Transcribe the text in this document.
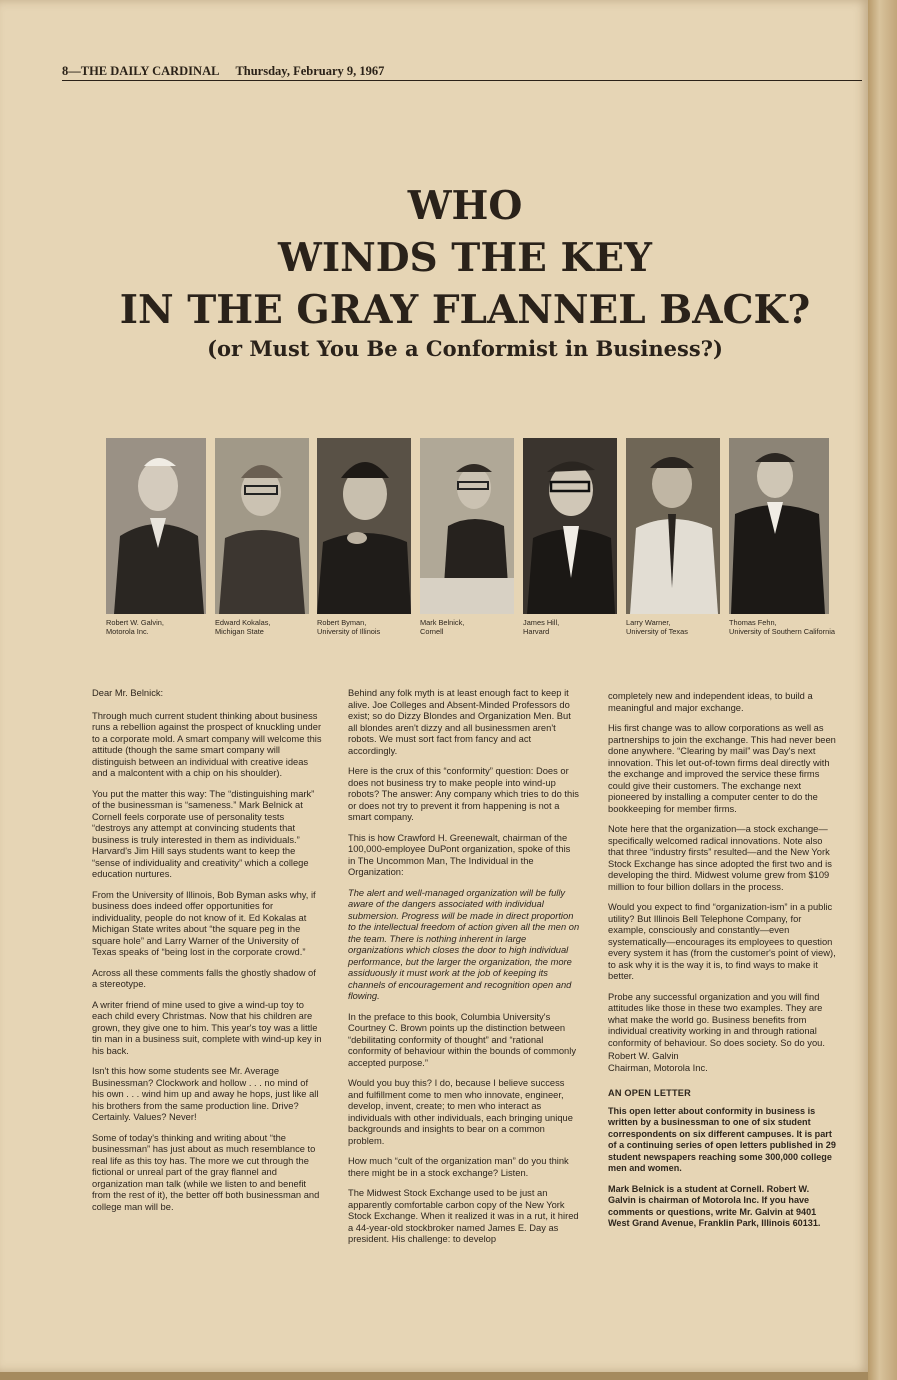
8—THE DAILY CARDINAL Thursday, February 9, 1967
WHO
WINDS THE KEY
IN THE GRAY FLANNEL BACK?
(or Must You Be a Conformist in Business?)
Robert W. Galvin,
Motorola Inc.
Edward Kokalas,
Michigan State
Robert Byman,
University of Illinois
Mark Belnick,
Cornell
James Hill,
Harvard
Larry Warner,
University of Texas
Thomas Fehn,
University of Southern California

Dear Mr. Belnick:

Through much current student thinking about business runs a rebellion against the prospect of knuckling under to a corporate mold. A smart company will welcome this attitude (though the same smart company will distinguish between an individual with creative ideas and a malcontent with a chip on his shoulder).

You put the matter this way: The “distinguishing mark” of the businessman is “sameness.” Mark Belnick at Cornell feels corporate use of personality tests “destroys any attempt at convincing students that business is truly interested in them as individuals.” Harvard's Jim Hill says students want to keep the “sense of individuality and creativity” which a college education nurtures.

From the University of Illinois, Bob Byman asks why, if business does indeed offer opportunities for individuality, people do not know of it. Ed Kokalas at Michigan State writes about “the square peg in the square hole” and Larry Warner of the University of Texas speaks of “being lost in the corporate crowd.”

Across all these comments falls the ghostly shadow of a stereotype.

A writer friend of mine used to give a wind-up toy to each child every Christmas. Now that his children are grown, they give one to him. This year's toy was a little tin man in a business suit, complete with wind-up key in his back.

Isn't this how some students see Mr. Average Businessman? Clockwork and hollow . . . no mind of his own . . . wind him up and away he hops, just like all his brothers from the same production line. Drive? Certainly. Values? Never!

Some of today's thinking and writing about “the businessman” has just about as much resemblance to real life as this toy has. The more we cut through the fictional or unreal part of the gray flannel and organization man talk (while we listen to and benefit from the rest of it), the better off both businessman and college man will be.

Behind any folk myth is at least enough fact to keep it alive. Joe Colleges and Absent-Minded Professors do exist; so do Dizzy Blondes and Organization Men. But all blondes aren't dizzy and all businessmen aren't robots. We must sort fact from fancy and act accordingly.

Here is the crux of this “conformity” question: Does or does not business try to make people into wind-up robots? The answer: Any company which tries to do this or does not try to prevent it from happening is not a smart company.

This is how Crawford H. Greenewalt, chairman of the 100,000-employee DuPont organization, spoke of this in The Uncommon Man, The Individual in the Organization:

The alert and well-managed organization will be fully aware of the dangers associated with individual submersion. Progress will be made in direct proportion to the intellectual freedom of action given all the men on the team. There is nothing inherent in large organizations which closes the door to high individual performance, but the larger the organization, the more assiduously it must work at the job of keeping its channels of encouragement and recognition open and flowing.

In the preface to this book, Columbia University's Courtney C. Brown points up the distinction between “debilitating conformity of thought” and “rational conformity of behaviour within the bounds of commonly accepted purpose.”

Would you buy this? I do, because I believe success and fulfillment come to men who innovate, engineer, develop, invent, create; to men who interact as individuals with other individuals, each bringing unique backgrounds and insights to bear on a common problem.

How much “cult of the organization man” do you think there might be in a stock exchange? Listen.

The Midwest Stock Exchange used to be just an apparently comfortable carbon copy of the New York Stock Exchange. When it realized it was in a rut, it hired a 44-year-old stockbroker named James E. Day as president. His challenge: to develop

completely new and independent ideas, to build a meaningful and major exchange.

His first change was to allow corporations as well as partnerships to join the exchange. This had never been done anywhere. “Clearing by mail” was Day's next innovation. This let out-of-town firms deal directly with the exchange and improved the service these firms could give their customers. The exchange next pioneered by installing a computer center to do the bookkeeping for member firms.

Note here that the organization—a stock exchange—specifically welcomed radical innovations. Note also that three “industry firsts” resulted—and the New York Stock Exchange has since adopted the first two and is developing the third. Midwest volume grew from $109 million to four billion dollars in the process.

Would you expect to find “organization-ism” in a public utility? But Illinois Bell Telephone Company, for example, consciously and constantly—even systematically—encourages its employees to question every system it has (from the customer's point of view), to ask why it is the way it is, to find ways to make it better.

Probe any successful organization and you will find attitudes like those in these two examples. They are what make the world go. Business benefits from individual creativity working in and through rational conformity of behaviour. So does society. So do you.

Robert W. Galvin

Chairman, Motorola Inc.

AN OPEN LETTER

This open letter about conformity in business is written by a businessman to one of six student correspondents on six different campuses. It is part of a continuing series of open letters published in 29 student newspapers reaching some 300,000 college men and women.

Mark Belnick is a student at Cornell. Robert W. Galvin is chairman of Motorola Inc. If you have comments or questions, write Mr. Galvin at 9401 West Grand Avenue, Franklin Park, Illinois 60131.
